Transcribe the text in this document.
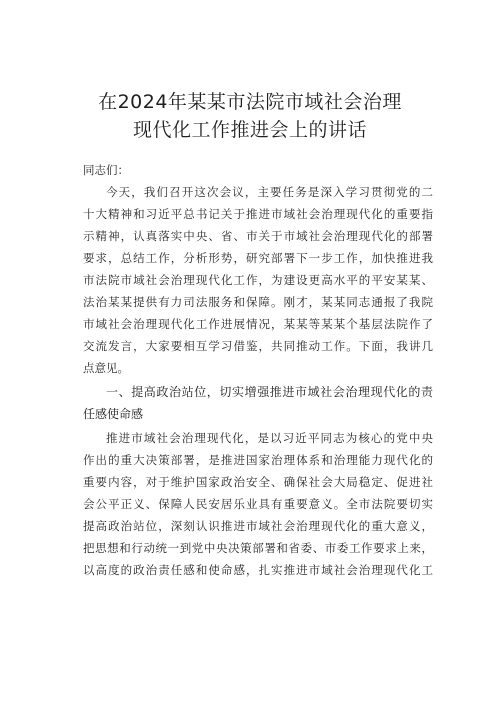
在2024年某某市法院市域社会治理
现代化工作推进会上的讲话
同志们：
今天，我们召开这次会议，主要任务是深入学习贯彻党的二
十大精神和习近平总书记关于推进市域社会治理现代化的重要指
示精神，认真落实中央、省、市关于市域社会治理现代化的部署
要求，总结工作，分析形势，研究部署下一步工作，加快推进我
市法院市域社会治理现代化工作，为建设更高水平的平安某某、
法治某某提供有力司法服务和保障。刚才，某某同志通报了我院
市域社会治理现代化工作进展情况，某某等某某个基层法院作了
交流发言，大家要相互学习借鉴，共同推动工作。下面，我讲几
点意见。
一、提高政治站位，切实增强推进市域社会治理现代化的责
任感使命感
推进市域社会治理现代化，是以习近平同志为核心的党中央
作出的重大决策部署，是推进国家治理体系和治理能力现代化的
重要内容，对于维护国家政治安全、确保社会大局稳定、促进社
会公平正义、保障人民安居乐业具有重要意义。全市法院要切实
提高政治站位，深刻认识推进市域社会治理现代化的重大意义，
把思想和行动统一到党中央决策部署和省委、市委工作要求上来，
以高度的政治责任感和使命感，扎实推进市域社会治理现代化工
